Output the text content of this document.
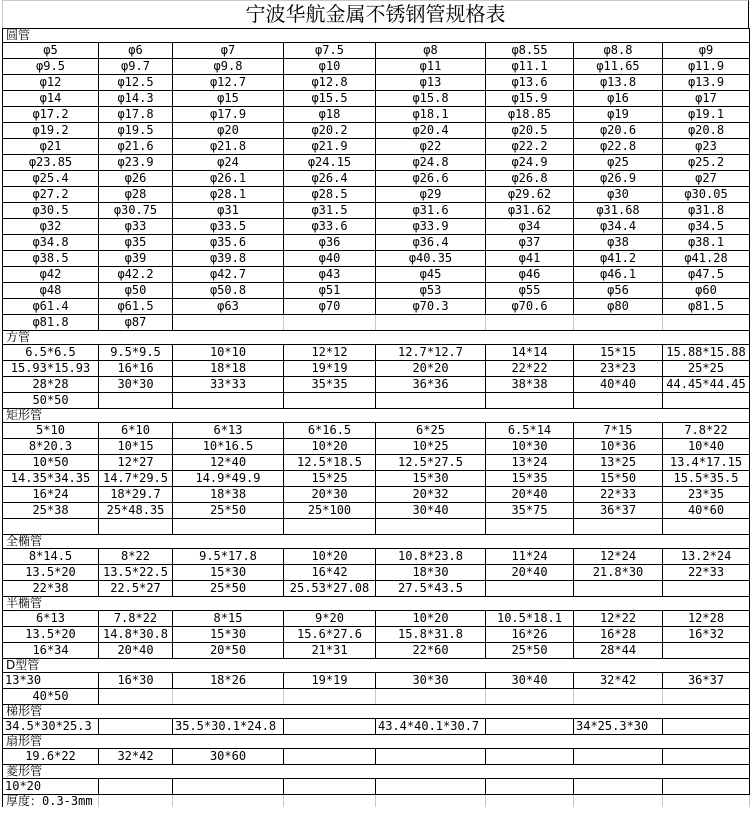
宁波华航金属不锈钢管规格表
圆管							
φ5	φ6	φ7	φ7.5	φ8	φ8.55	φ8.8	φ9
φ9.5	φ9.7	φ9.8	φ10	φ11	φ11.1	φ11.65	φ11.9
φ12	φ12.5	φ12.7	φ12.8	φ13	φ13.6	φ13.8	φ13.9
φ14	φ14.3	φ15	φ15.5	φ15.8	φ15.9	φ16	φ17
φ17.2	φ17.8	φ17.9	φ18	φ18.1	φ18.85	φ19	φ19.1
φ19.2	φ19.5	φ20	φ20.2	φ20.4	φ20.5	φ20.6	φ20.8
φ21	φ21.6	φ21.8	φ21.9	φ22	φ22.2	φ22.8	φ23
φ23.85	φ23.9	φ24	φ24.15	φ24.8	φ24.9	φ25	φ25.2
φ25.4	φ26	φ26.1	φ26.4	φ26.6	φ26.8	φ26.9	φ27
φ27.2	φ28	φ28.1	φ28.5	φ29	φ29.62	φ30	φ30.05
φ30.5	φ30.75	φ31	φ31.5	φ31.6	φ31.62	φ31.68	φ31.8
φ32	φ33	φ33.5	φ33.6	φ33.9	φ34	φ34.4	φ34.5
φ34.8	φ35	φ35.6	φ36	φ36.4	φ37	φ38	φ38.1
φ38.5	φ39	φ39.8	φ40	φ40.35	φ41	φ41.2	φ41.28
φ42	φ42.2	φ42.7	φ43	φ45	φ46	φ46.1	φ47.5
φ48	φ50	φ50.8	φ51	φ53	φ55	φ56	φ60
φ61.4	φ61.5	φ63	φ70	φ70.3	φ70.6	φ80	φ81.5
φ81.8	φ87						
方管							
6.5*6.5	9.5*9.5	10*10	12*12	12.7*12.7	14*14	15*15	15.88*15.88
15.93*15.93	16*16	18*18	19*19	20*20	22*22	23*23	25*25
28*28	30*30	33*33	35*35	36*36	38*38	40*40	44.45*44.45
50*50							
矩形管							
5*10	6*10	6*13	6*16.5	6*25	6.5*14	7*15	7.8*22
8*20.3	10*15	10*16.5	10*20	10*25	10*30	10*36	10*40
10*50	12*27	12*40	12.5*18.5	12.5*27.5	13*24	13*25	13.4*17.15
14.35*34.35	14.7*29.5	14.9*49.9	15*25	15*30	15*35	15*50	15.5*35.5
16*24	18*29.7	18*38	20*30	20*32	20*40	22*33	23*35
25*38	25*48.35	25*50	25*100	30*40	35*75	36*37	40*60

全椭管							
8*14.5	8*22	9.5*17.8	10*20	10.8*23.8	11*24	12*24	13.2*24
13.5*20	13.5*22.5	15*30	16*42	18*30	20*40	21.8*30	22*33
22*38	22.5*27	25*50	25.53*27.08	27.5*43.5			
半椭管							
6*13	7.8*22	8*15	9*20	10*20	10.5*18.1	12*22	12*28
13.5*20	14.8*30.8	15*30	15.6*27.6	15.8*31.8	16*26	16*28	16*32
16*34	20*40	20*50	21*31	22*60	25*50	28*44	
D型管							
13*30	16*30	18*26	19*19	30*30	30*40	32*42	36*37
40*50							
梯形管							
34.5*30*25.3		35.5*30.1*24.8		43.4*40.1*30.7		34*25.3*30	
扇形管							
19.6*22	32*42	30*60					
菱形管							
10*20							
厚度：0.3-3mm							
